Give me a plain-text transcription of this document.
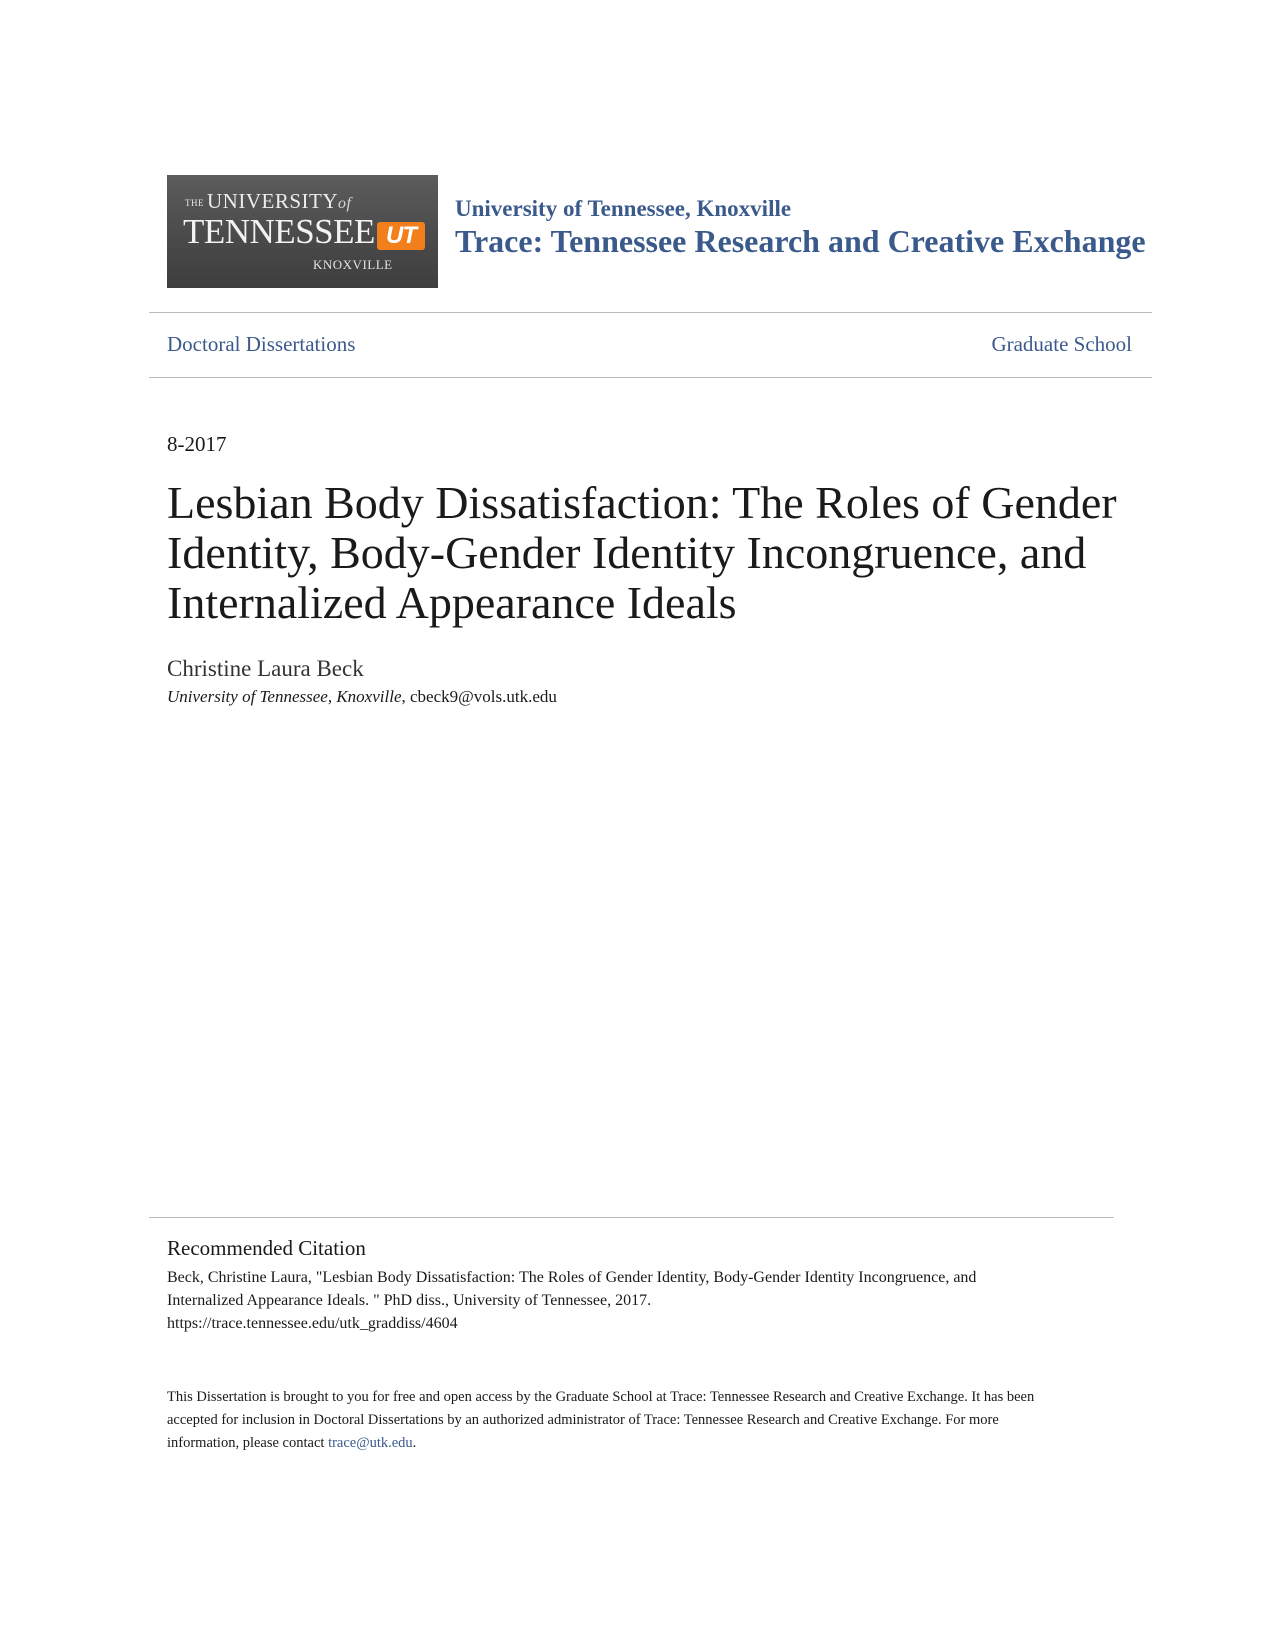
THE UNIVERSITYof
TENNESSEE UT
KNOXVILLE
University of Tennessee, Knoxville
Trace: Tennessee Research and Creative Exchange
Doctoral Dissertations	Graduate School
8-2017
Lesbian Body Dissatisfaction: The Roles of Gender Identity, Body-Gender Identity Incongruence, and Internalized Appearance Ideals
Christine Laura Beck
University of Tennessee, Knoxville, cbeck9@vols.utk.edu
Recommended Citation
Beck, Christine Laura, "Lesbian Body Dissatisfaction: The Roles of Gender Identity, Body-Gender Identity Incongruence, and
Internalized Appearance Ideals. " PhD diss., University of Tennessee, 2017.
https://trace.tennessee.edu/utk_graddiss/4604
This Dissertation is brought to you for free and open access by the Graduate School at Trace: Tennessee Research and Creative Exchange. It has been
accepted for inclusion in Doctoral Dissertations by an authorized administrator of Trace: Tennessee Research and Creative Exchange. For more
information, please contact trace@utk.edu.
